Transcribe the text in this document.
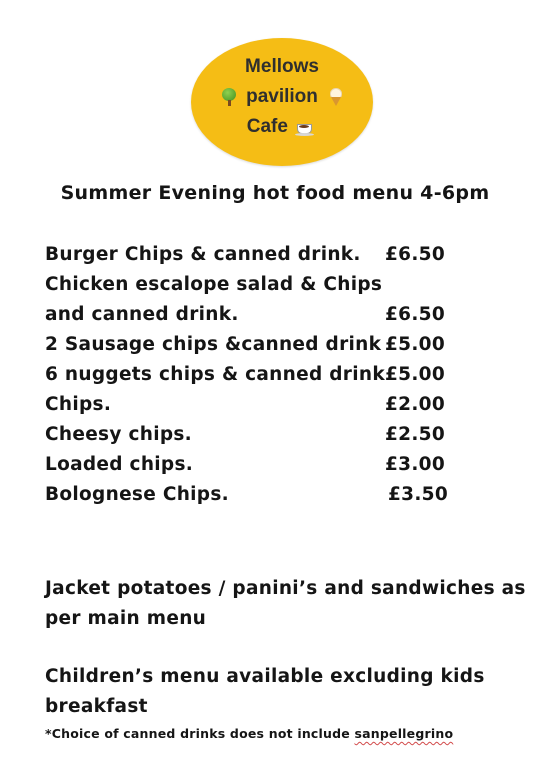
Mellows
pavilion
Cafe
Summer Evening hot food menu 4-6pm
Burger Chips & canned drink. £6.50
Chicken escalope salad & Chips
and canned drink.	£6.50
2 Sausage chips &canned drink £5.00
6 nuggets chips & canned drink £5.00
Chips.	£2.00
Cheesy chips.	£2.50
Loaded chips.	£3.00
Bolognese Chips.	£3.50
Jacket potatoes / panini’s and sandwiches as
per main menu
Children’s menu available excluding kids
breakfast
*Choice of canned drinks does not include sanpellegrino
